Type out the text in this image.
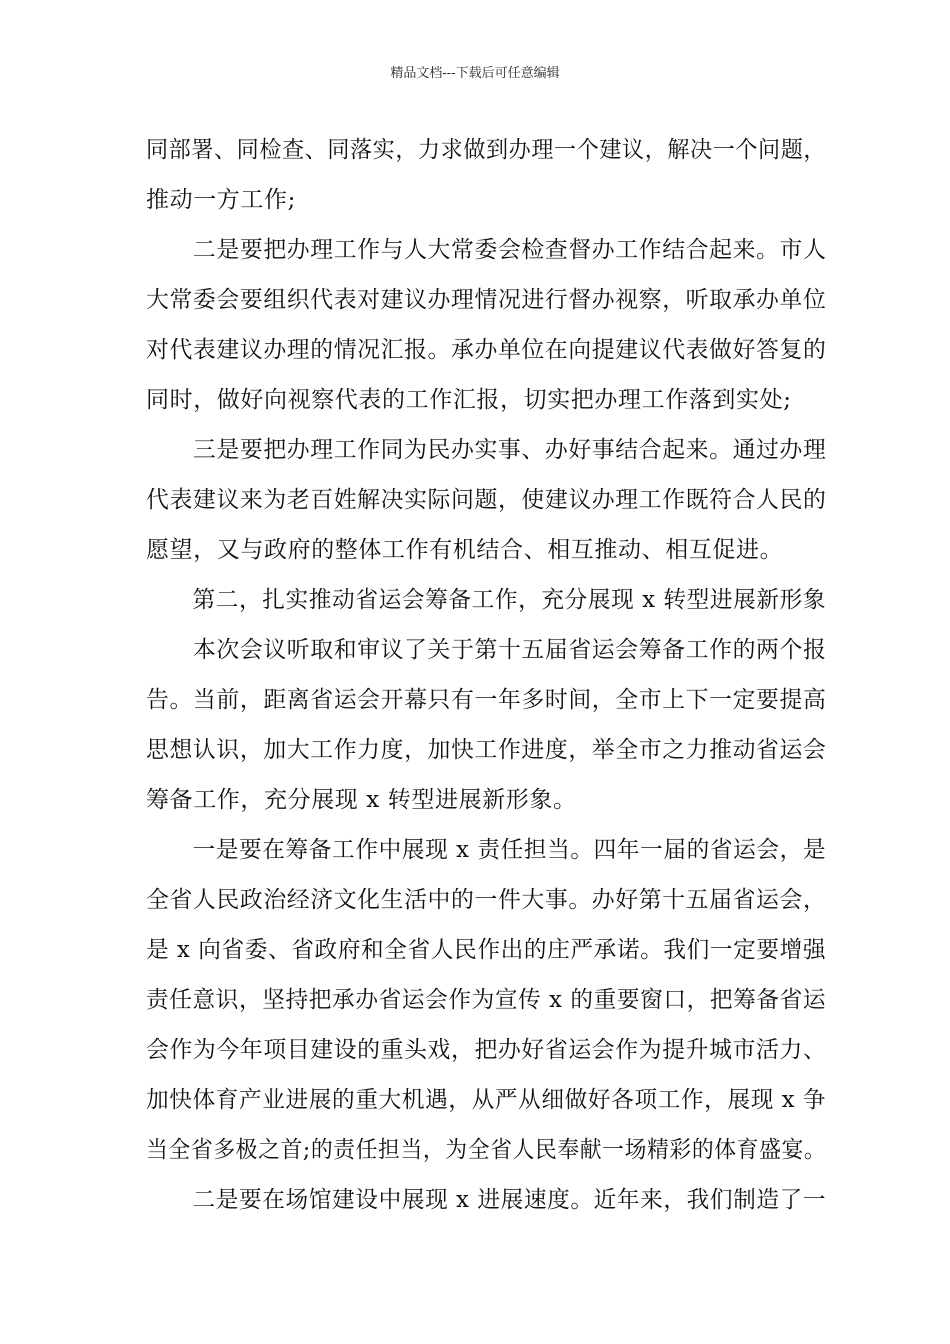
精品文档---下载后可任意编辑
同部署、同检查、同落实，力求做到办理一个建议，解决一个问题，
推动一方工作;
　　二是要把办理工作与人大常委会检查督办工作结合起来。市人
大常委会要组织代表对建议办理情况进行督办视察，听取承办单位
对代表建议办理的情况汇报。承办单位在向提建议代表做好答复的
同时，做好向视察代表的工作汇报，切实把办理工作落到实处;
　　三是要把办理工作同为民办实事、办好事结合起来。通过办理
代表建议来为老百姓解决实际问题，使建议办理工作既符合人民的
愿望，又与政府的整体工作有机结合、相互推动、相互促进。
　　第二，扎实推动省运会筹备工作，充分展现 x 转型进展新形象
　　本次会议听取和审议了关于第十五届省运会筹备工作的两个报
告。当前，距离省运会开幕只有一年多时间，全市上下一定要提高
思想认识，加大工作力度，加快工作进度，举全市之力推动省运会
筹备工作，充分展现 x 转型进展新形象。
　　一是要在筹备工作中展现 x 责任担当。四年一届的省运会，是
全省人民政治经济文化生活中的一件大事。办好第十五届省运会，
是 x 向省委、省政府和全省人民作出的庄严承诺。我们一定要增强
责任意识，坚持把承办省运会作为宣传 x 的重要窗口，把筹备省运
会作为今年项目建设的重头戏，把办好省运会作为提升城市活力、
加快体育产业进展的重大机遇，从严从细做好各项工作，展现 x 争
当全省多极之首;的责任担当，为全省人民奉献一场精彩的体育盛宴。
　　二是要在场馆建设中展现 x 进展速度。近年来，我们制造了一
